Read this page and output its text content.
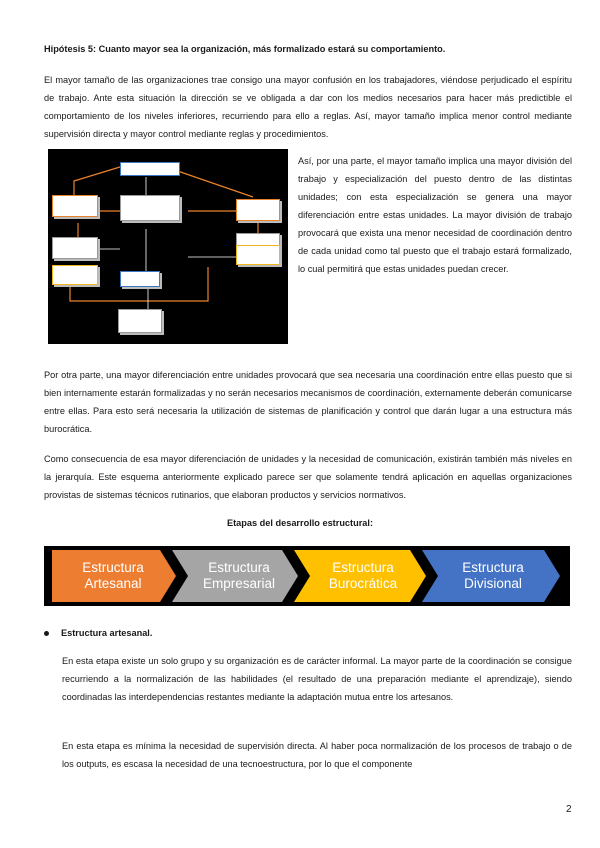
Hipótesis 5: Cuanto mayor sea la organización, más formalizado estará su comportamiento.

El mayor tamaño de las organizaciones trae consigo una mayor confusión en los trabajadores, viéndose perjudicado el espíritu de trabajo. Ante esta situación la dirección se ve obligada a dar con los medios necesarios para hacer más predictible el comportamiento de los niveles inferiores, recurriendo para ello a reglas. Así, mayor tamaño implica menor control mediante supervisión directa y mayor control mediante reglas y procedimientos.

Así, por una parte, el mayor tamaño implica una mayor división del trabajo y especialización del puesto dentro de las distintas unidades; con esta especialización se genera una mayor diferenciación entre estas unidades. La mayor división de trabajo provocará que exista una menor necesidad de coordinación dentro de cada unidad como tal puesto que el trabajo estará formalizado, lo cual permitirá que estas unidades puedan crecer.

Por otra parte, una mayor diferenciación entre unidades provocará que sea necesaria una coordinación entre ellas puesto que si bien internamente estarán formalizadas y no serán necesarios mecanismos de coordinación, externamente deberán comunicarse entre ellas. Para esto será necesaria la utilización de sistemas de planificación y control que darán lugar a una estructura más burocrática.

Como consecuencia de esa mayor diferenciación de unidades y la necesidad de comunicación, existirán también más niveles en la jerarquía. Este esquema anteriormente explicado parece ser que solamente tendrá aplicación en aquellas organizaciones provistas de sistemas técnicos rutinarios, que elaboran productos y servicios normativos.

Etapas del desarrollo estructural:
Estructura
Artesanal
Estructura
Empresarial
Estructura
Burocrática
Estructura
Divisional
Estructura artesanal.

En esta etapa existe un solo grupo y su organización es de carácter informal. La mayor parte de la coordinación se consigue recurriendo a la normalización de las habilidades (el resultado de una preparación mediante el aprendizaje), siendo coordinadas las interdependencias restantes mediante la adaptación mutua entre los artesanos.

En esta etapa es mínima la necesidad de supervisión directa. Al haber poca normalización de los procesos de trabajo o de los outputs, es escasa la necesidad de una tecnoestructura, por lo que el componente

2
